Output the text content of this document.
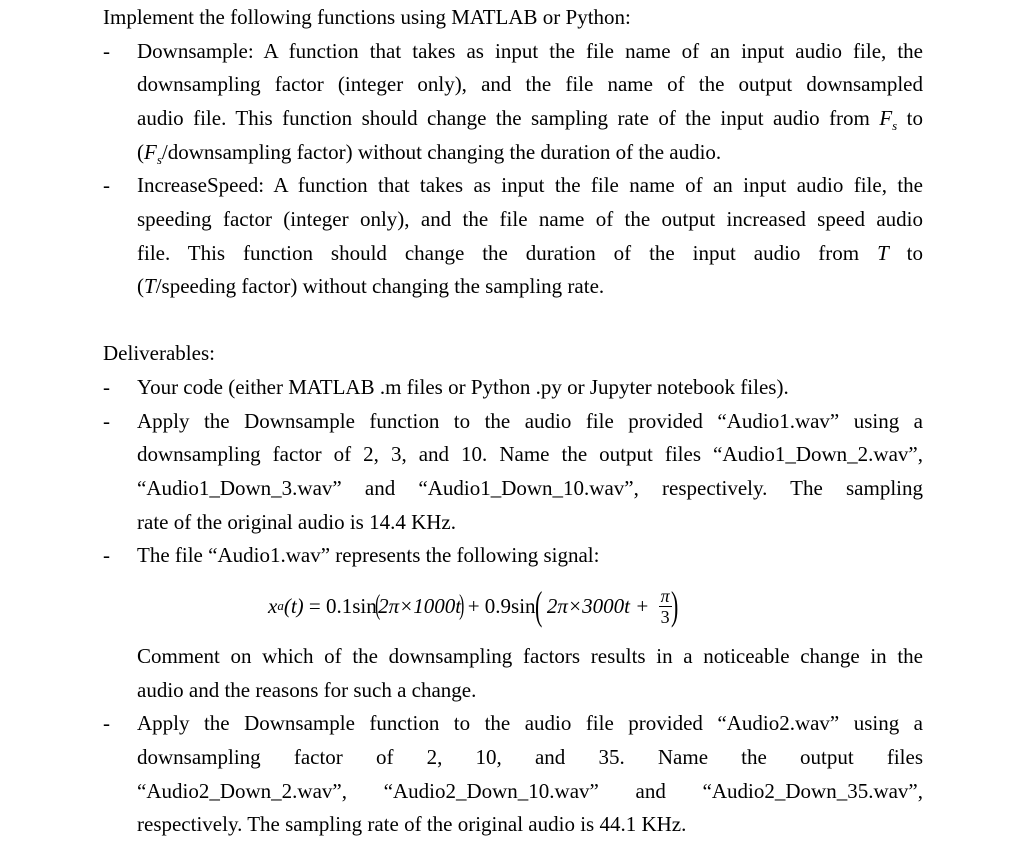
Implement the following functions using MATLAB or Python:
- Downsample: A function that takes as input the file name of an input audio file, the
downsampling factor (integer only), and the file name of the output downsampled
audio file. This function should change the sampling rate of the input audio from $F_s$ to
($F_s$/downsampling factor) without changing the duration of the audio.
- IncreaseSpeed: A function that takes as input the file name of an input audio file, the
speeding factor (integer only), and the file name of the output increased speed audio
file. This function should change the duration of the input audio from T to
(T/speeding factor) without changing the sampling rate.
Deliverables:
- Your code (either MATLAB .m files or Python .py or Jupyter notebook files).
- Apply the Downsample function to the audio file provided “Audio1.wav” using a
downsampling factor of 2, 3, and 10. Name the output files “Audio1_Down_2.wav”,
“Audio1_Down_3.wav” and “Audio1_Down_10.wav”, respectively. The sampling
rate of the original audio is 14.4 KHz.
- The file “Audio1.wav” represents the following signal:
x a (t) = 0.1sin
(
2π×1000t
)
+ 0.9sin
( $2\pi\times 3000t + \frac{\pi}{3}$
)
Comment on which of the downsampling factors results in a noticeable change in the
audio and the reasons for such a change.
- Apply the Downsample function to the audio file provided “Audio2.wav” using a
downsampling factor of 2, 10, and 35. Name the output files
“Audio2_Down_2.wav”, “Audio2_Down_10.wav” and “Audio2_Down_35.wav”,
respectively. The sampling rate of the original audio is 44.1 KHz.
